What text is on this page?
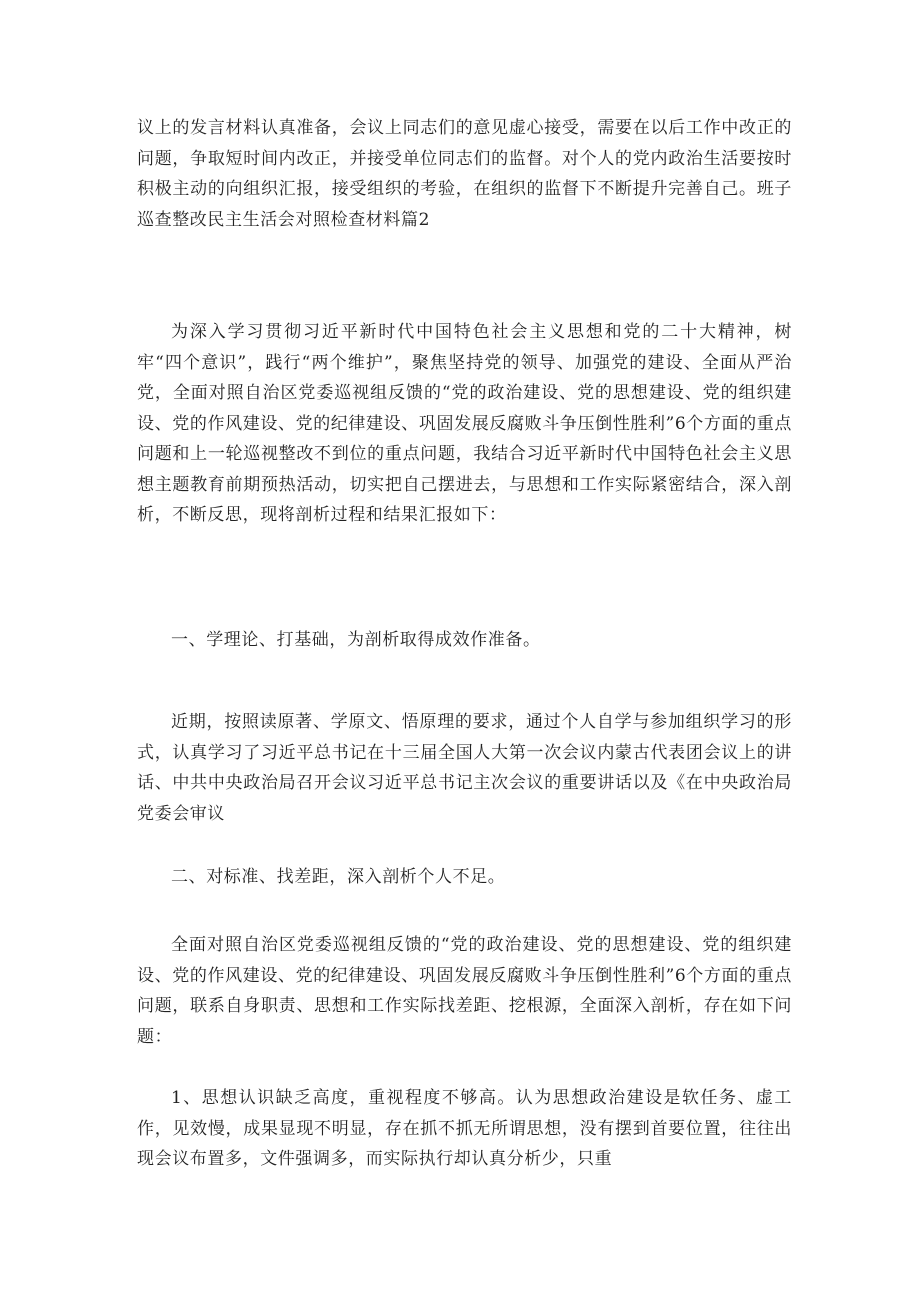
议上的发言材料认真准备，会议上同志们的意见虚心接受，需要在以后工作中改正的问题，争取短时间内改正，并接受单位同志们的监督。对个人的党内政治生活要按时积极主动的向组织汇报，接受组织的考验，在组织的监督下不断提升完善自己。班子巡查整改民主生活会对照检查材料篇2

为深入学习贯彻习近平新时代中国特色社会主义思想和党的二十大精神，树牢“四个意识”，践行“两个维护”，聚焦坚持党的领导、加强党的建设、全面从严治党，全面对照自治区党委巡视组反馈的“党的政治建设、党的思想建设、党的组织建设、党的作风建设、党的纪律建设、巩固发展反腐败斗争压倒性胜利”6个方面的重点问题和上一轮巡视整改不到位的重点问题，我结合习近平新时代中国特色社会主义思想主题教育前期预热活动，切实把自己摆进去，与思想和工作实际紧密结合，深入剖析，不断反思，现将剖析过程和结果汇报如下：

一、学理论、打基础，为剖析取得成效作准备。

近期，按照读原著、学原文、悟原理的要求，通过个人自学与参加组织学习的形式，认真学习了习近平总书记在十三届全国人大第一次会议内蒙古代表团会议上的讲话、中共中央政治局召开会议习近平总书记主次会议的重要讲话以及《在中央政治局党委会审议

二、对标准、找差距，深入剖析个人不足。

全面对照自治区党委巡视组反馈的“党的政治建设、党的思想建设、党的组织建设、党的作风建设、党的纪律建设、巩固发展反腐败斗争压倒性胜利”6个方面的重点问题，联系自身职责、思想和工作实际找差距、挖根源，全面深入剖析，存在如下问题：

1、思想认识缺乏高度，重视程度不够高。认为思想政治建设是软任务、虚工作，见效慢，成果显现不明显，存在抓不抓无所谓思想，没有摆到首要位置，往往出现会议布置多，文件强调多，而实际执行却认真分析少，只重
